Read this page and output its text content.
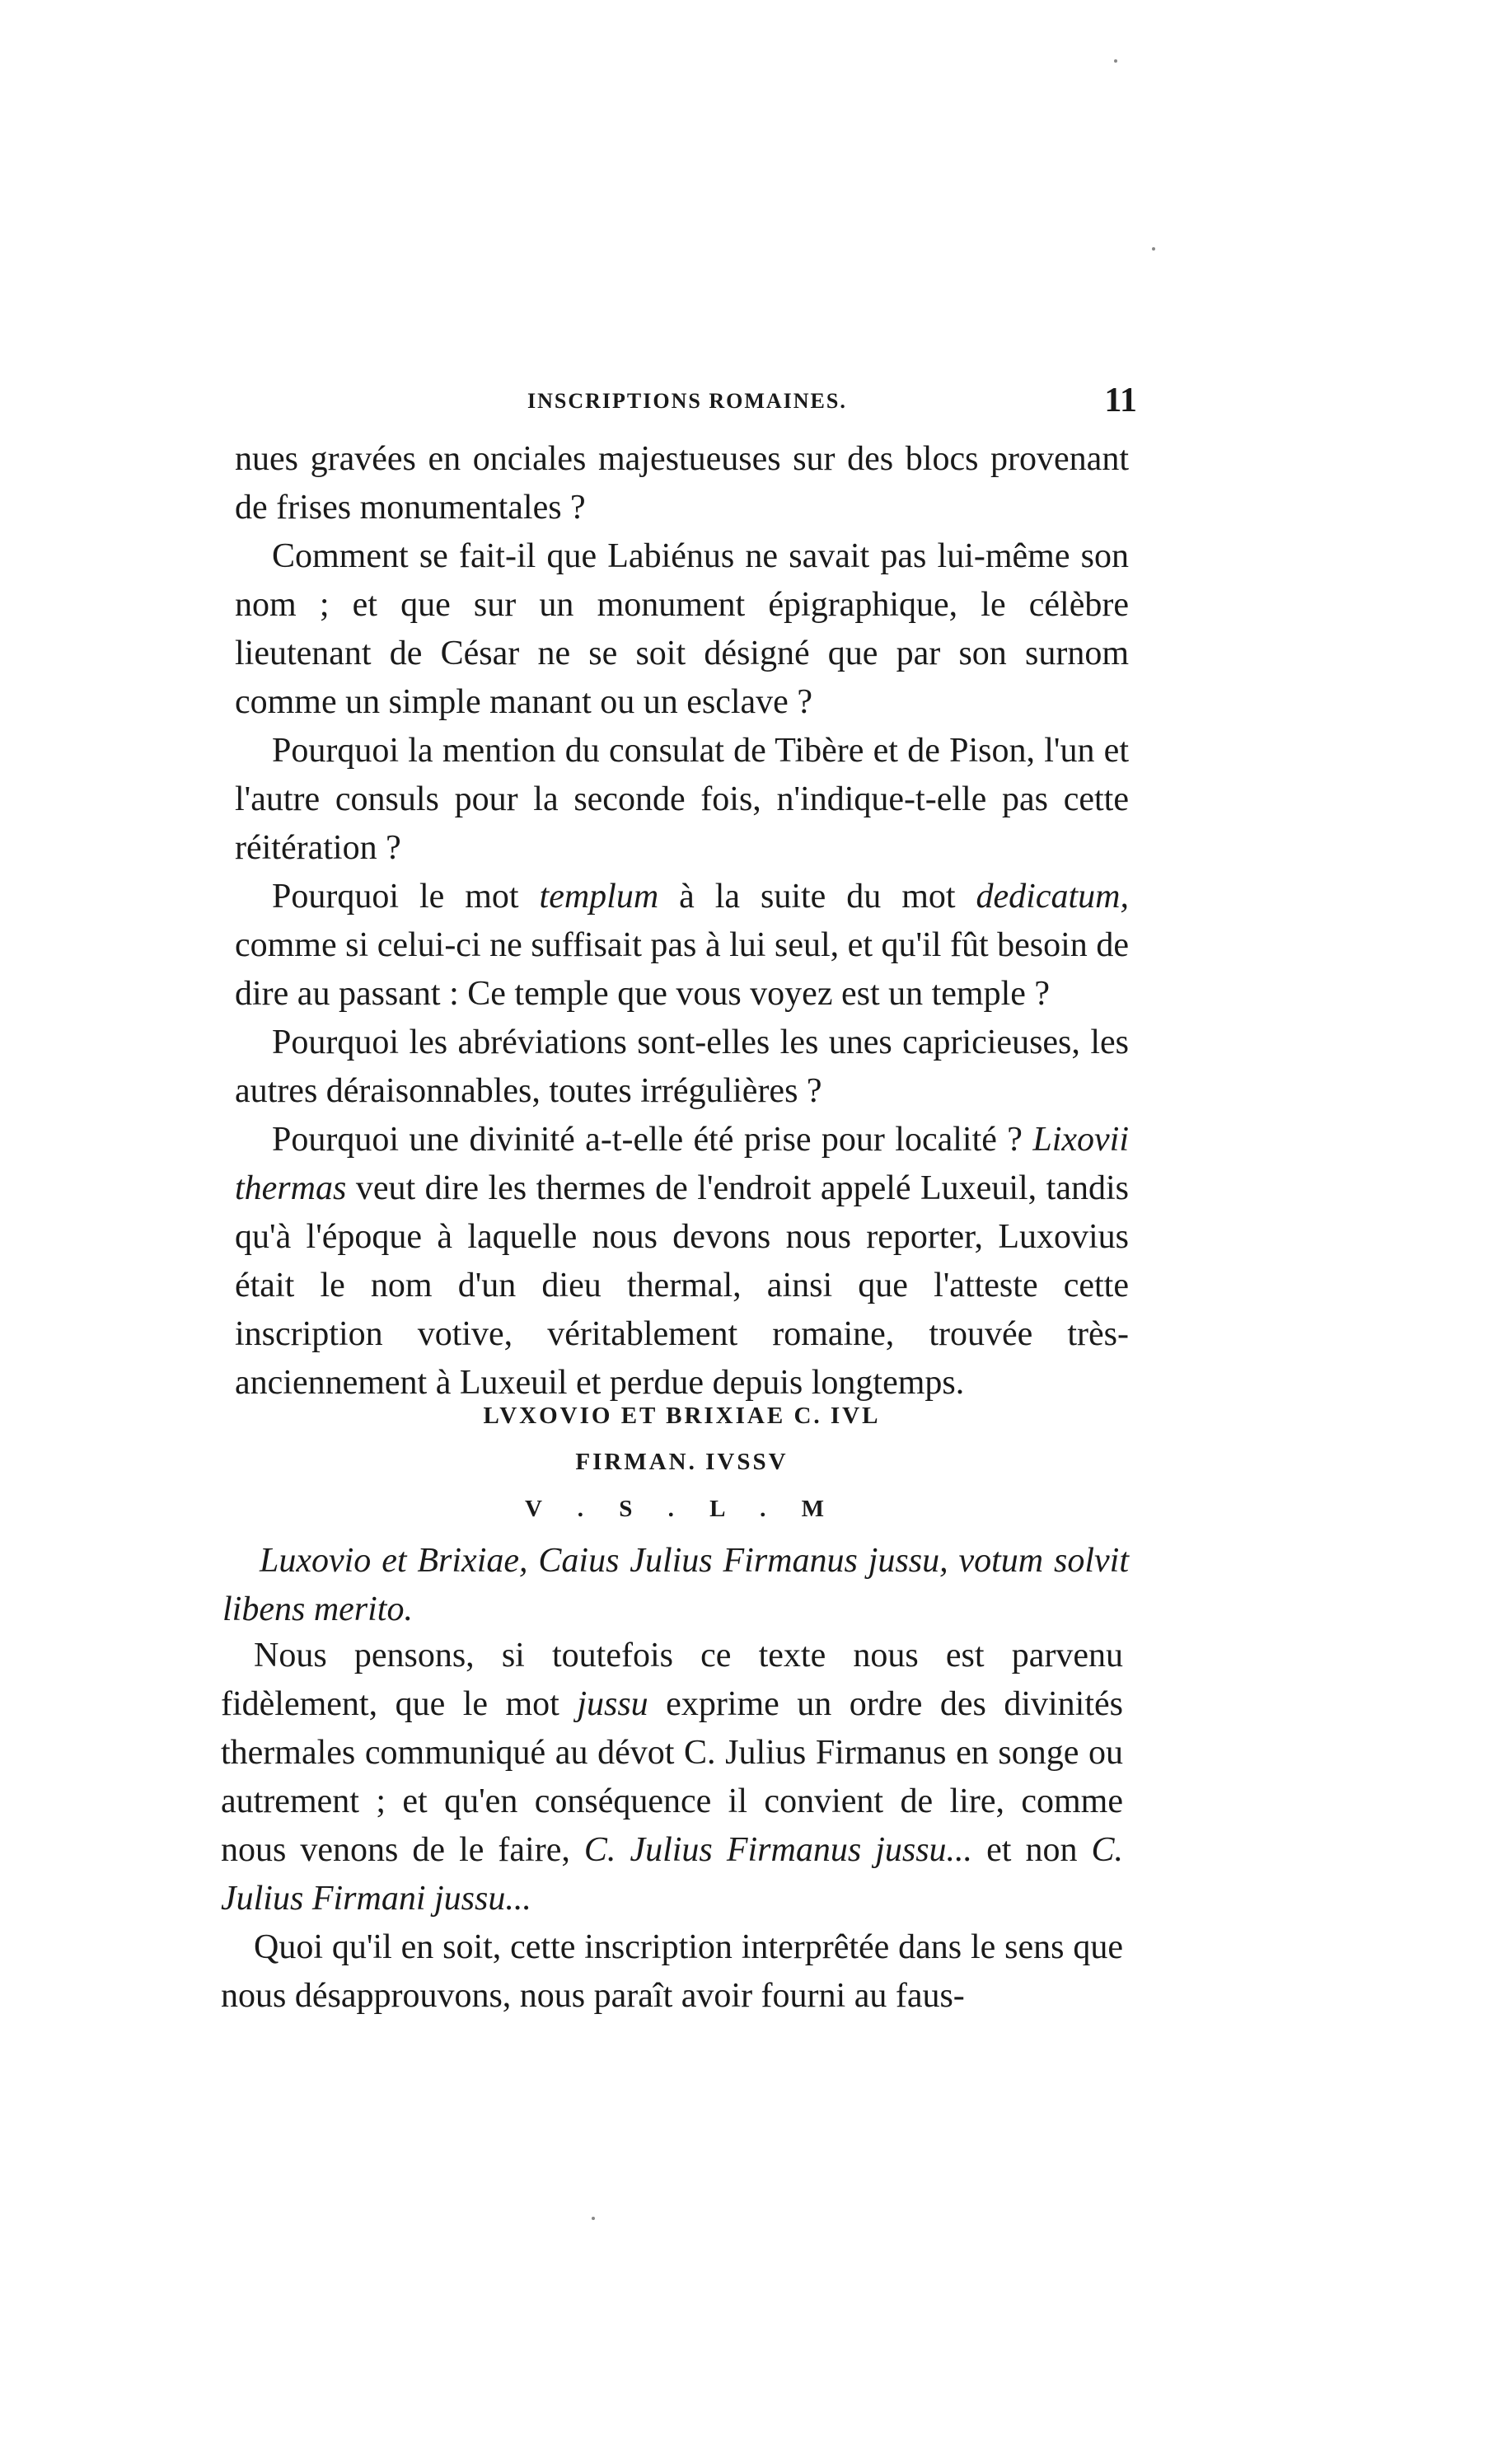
INSCRIPTIONS ROMAINES.	11

nues gravées en onciales majestueuses sur des blocs provenant de frises monumentales ?

Comment se fait-il que Labiénus ne savait pas lui-même son nom ; et que sur un monument épigraphique, le célèbre lieutenant de César ne se soit désigné que par son surnom comme un simple manant ou un esclave ?

Pourquoi la mention du consulat de Tibère et de Pison, l'un et l'autre consuls pour la seconde fois, n'indique-t-elle pas cette réitération ?

Pourquoi le mot templum à la suite du mot dedicatum, comme si celui-ci ne suffisait pas à lui seul, et qu'il fût besoin de dire au passant : Ce temple que vous voyez est un temple ?

Pourquoi les abréviations sont-elles les unes capricieuses, les autres déraisonnables, toutes irrégulières ?

Pourquoi une divinité a-t-elle été prise pour localité ? Lixovii thermas veut dire les thermes de l'endroit appelé Luxeuil, tandis qu'à l'époque à laquelle nous devons nous reporter, Luxovius était le nom d'un dieu thermal, ainsi que l'atteste cette inscription votive, véritablement romaine, trouvée très-anciennement à Luxeuil et perdue depuis longtemps.

LVXOVIO ET BRIXIAE C. IVL
FIRMAN. IVSSV
V . S . L . M
Luxovio et Brixiae, Caius Julius Firmanus jussu, votum solvit libens merito.

Nous pensons, si toutefois ce texte nous est parvenu fidèlement, que le mot jussu exprime un ordre des divinités thermales communiqué au dévot C. Julius Firmanus en songe ou autrement ; et qu'en conséquence il convient de lire, comme nous venons de le faire, C. Julius Firmanus jussu... et non C. Julius Firmani jussu...

Quoi qu'il en soit, cette inscription interprêtée dans le sens que nous désapprouvons, nous paraît avoir fourni au faus-
